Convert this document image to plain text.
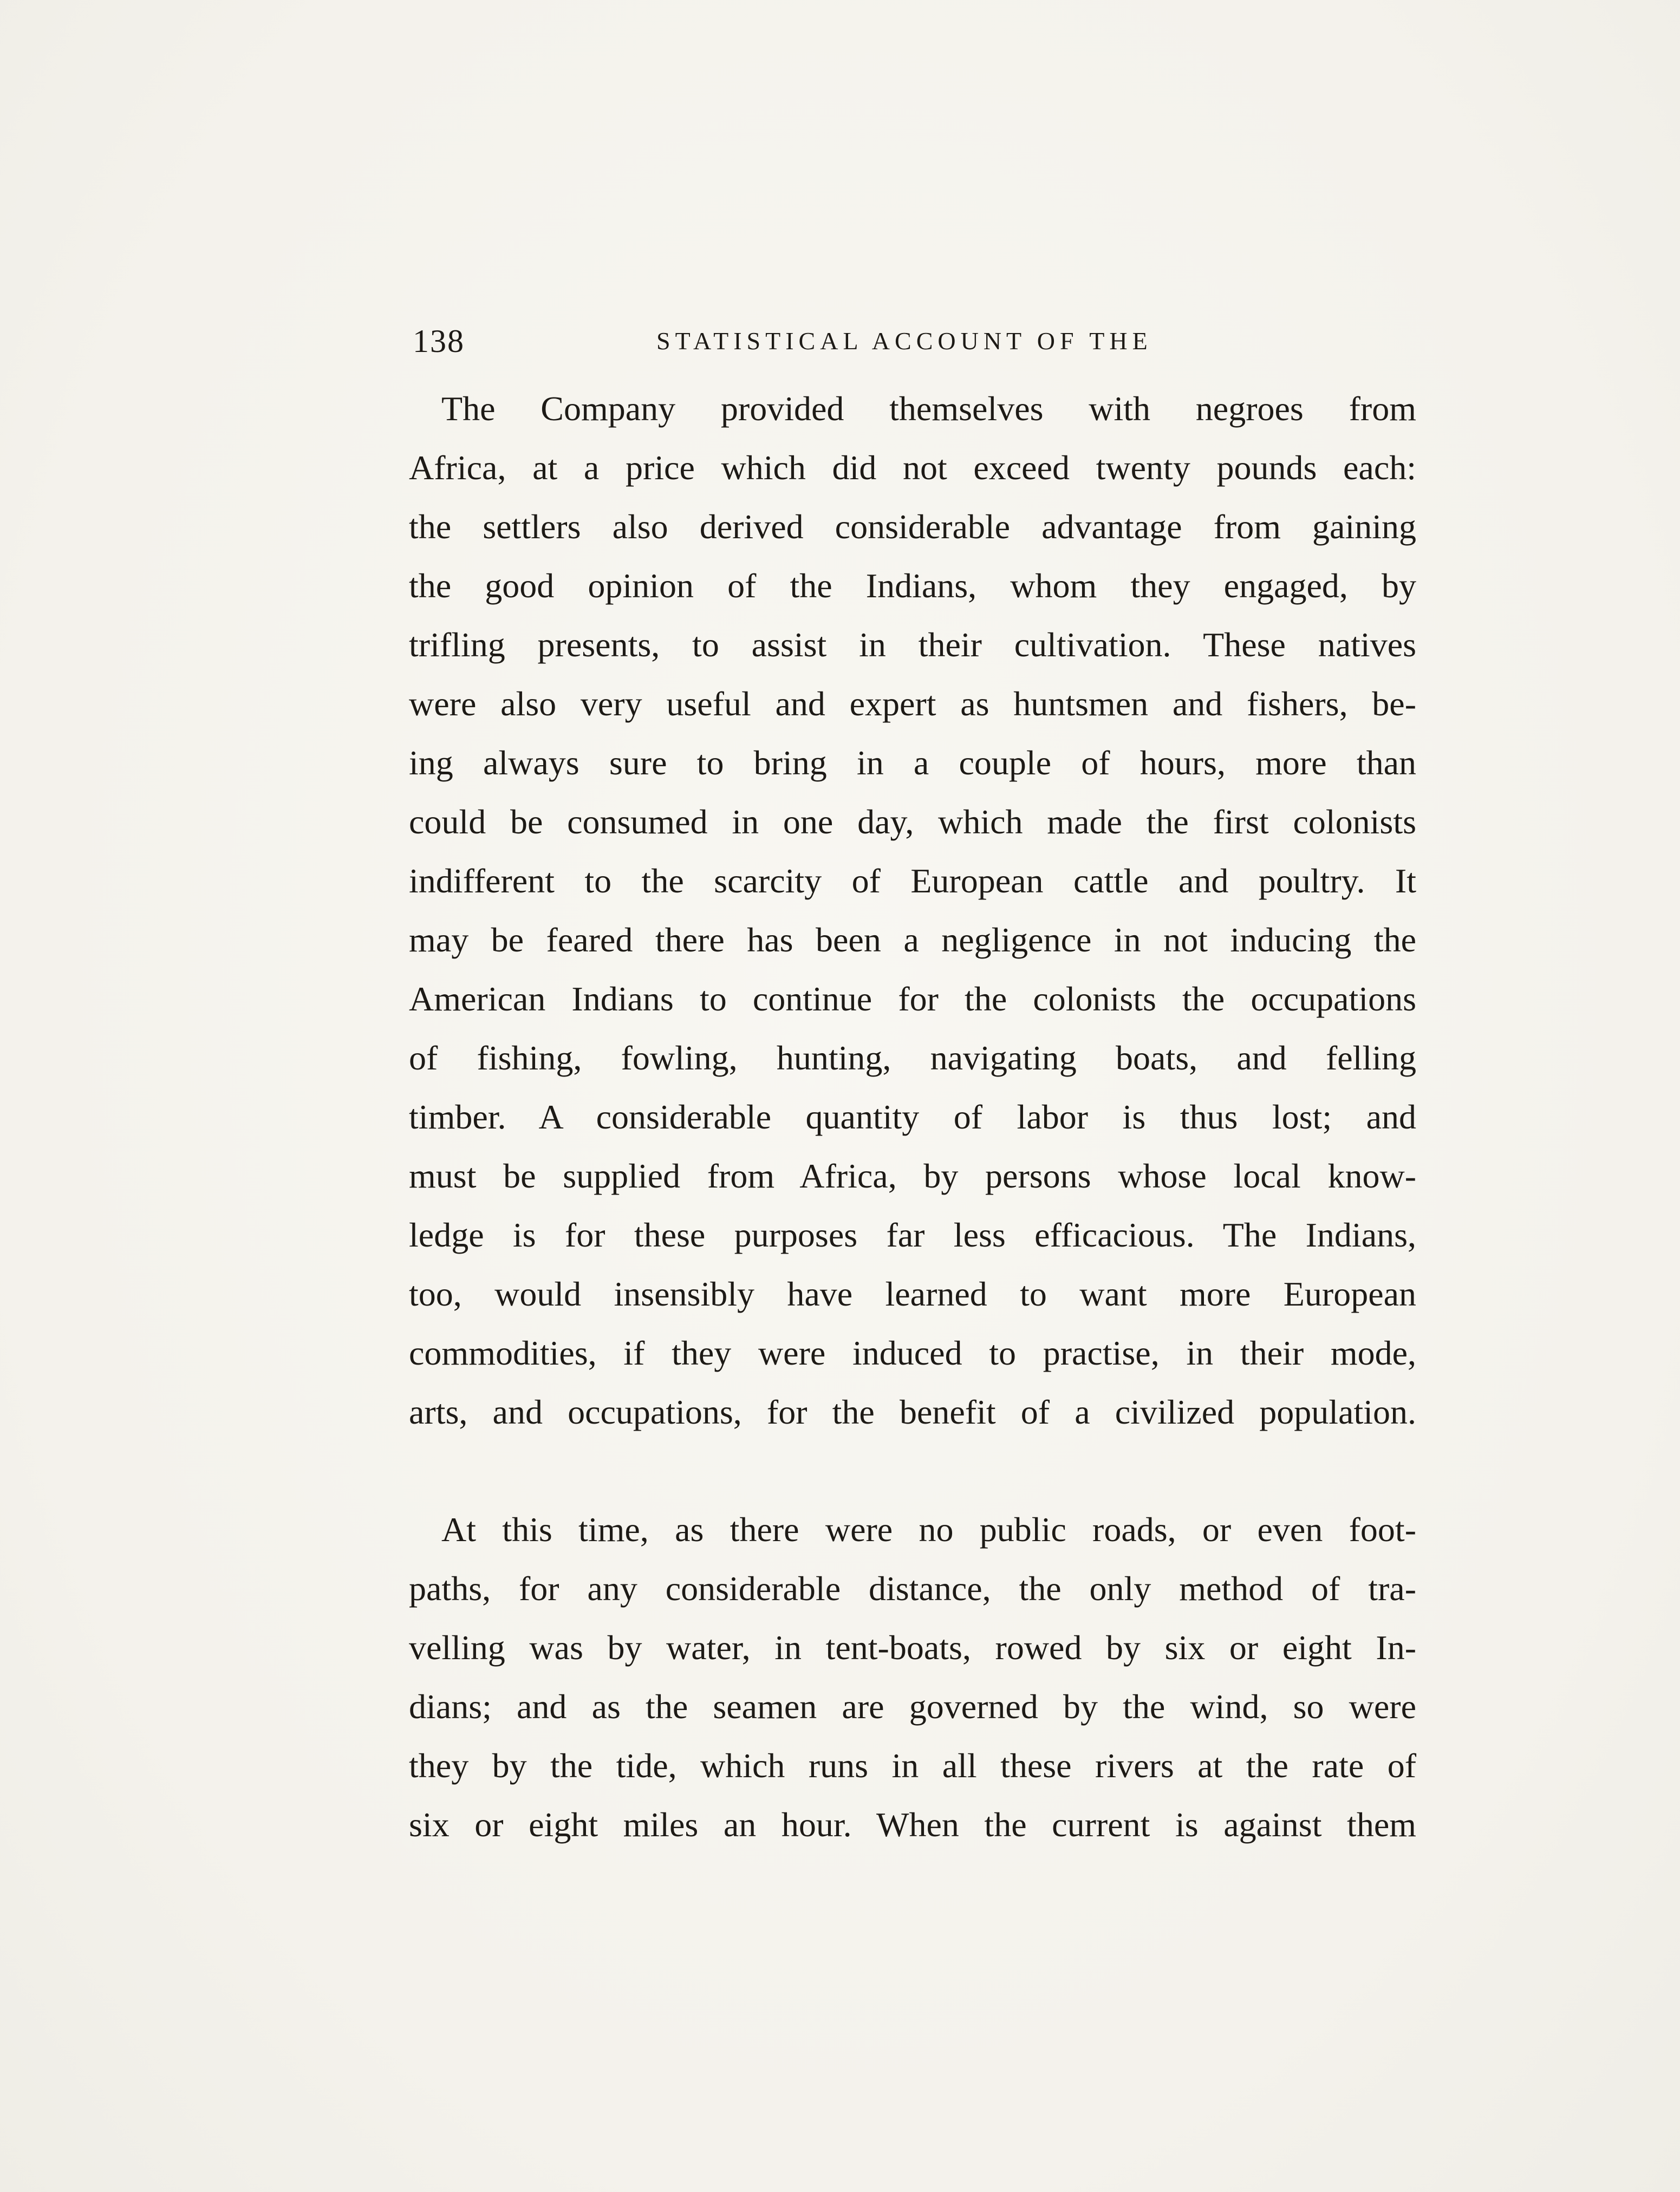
138	STATISTICAL ACCOUNT OF THE
The Company provided themselves with negroes from
Africa, at a price which did not exceed twenty pounds each:
the settlers also derived considerable advantage from gaining
the good opinion of the Indians, whom they engaged, by
trifling presents, to assist in their cultivation. These natives
were also very useful and expert as huntsmen and fishers, be-
ing always sure to bring in a couple of hours, more than
could be consumed in one day, which made the first colonists
indifferent to the scarcity of European cattle and poultry. It
may be feared there has been a negligence in not inducing the
American Indians to continue for the colonists the occupations
of fishing, fowling, hunting, navigating boats, and felling
timber. A considerable quantity of labor is thus lost; and
must be supplied from Africa, by persons whose local know-
ledge is for these purposes far less efficacious. The Indians,
too, would insensibly have learned to want more European
commodities, if they were induced to practise, in their mode,
arts, and occupations, for the benefit of a civilized population.
At this time, as there were no public roads, or even foot-
paths, for any considerable distance, the only method of tra-
velling was by water, in tent-boats, rowed by six or eight In-
dians; and as the seamen are governed by the wind, so were
they by the tide, which runs in all these rivers at the rate of
six or eight miles an hour. When the current is against them
